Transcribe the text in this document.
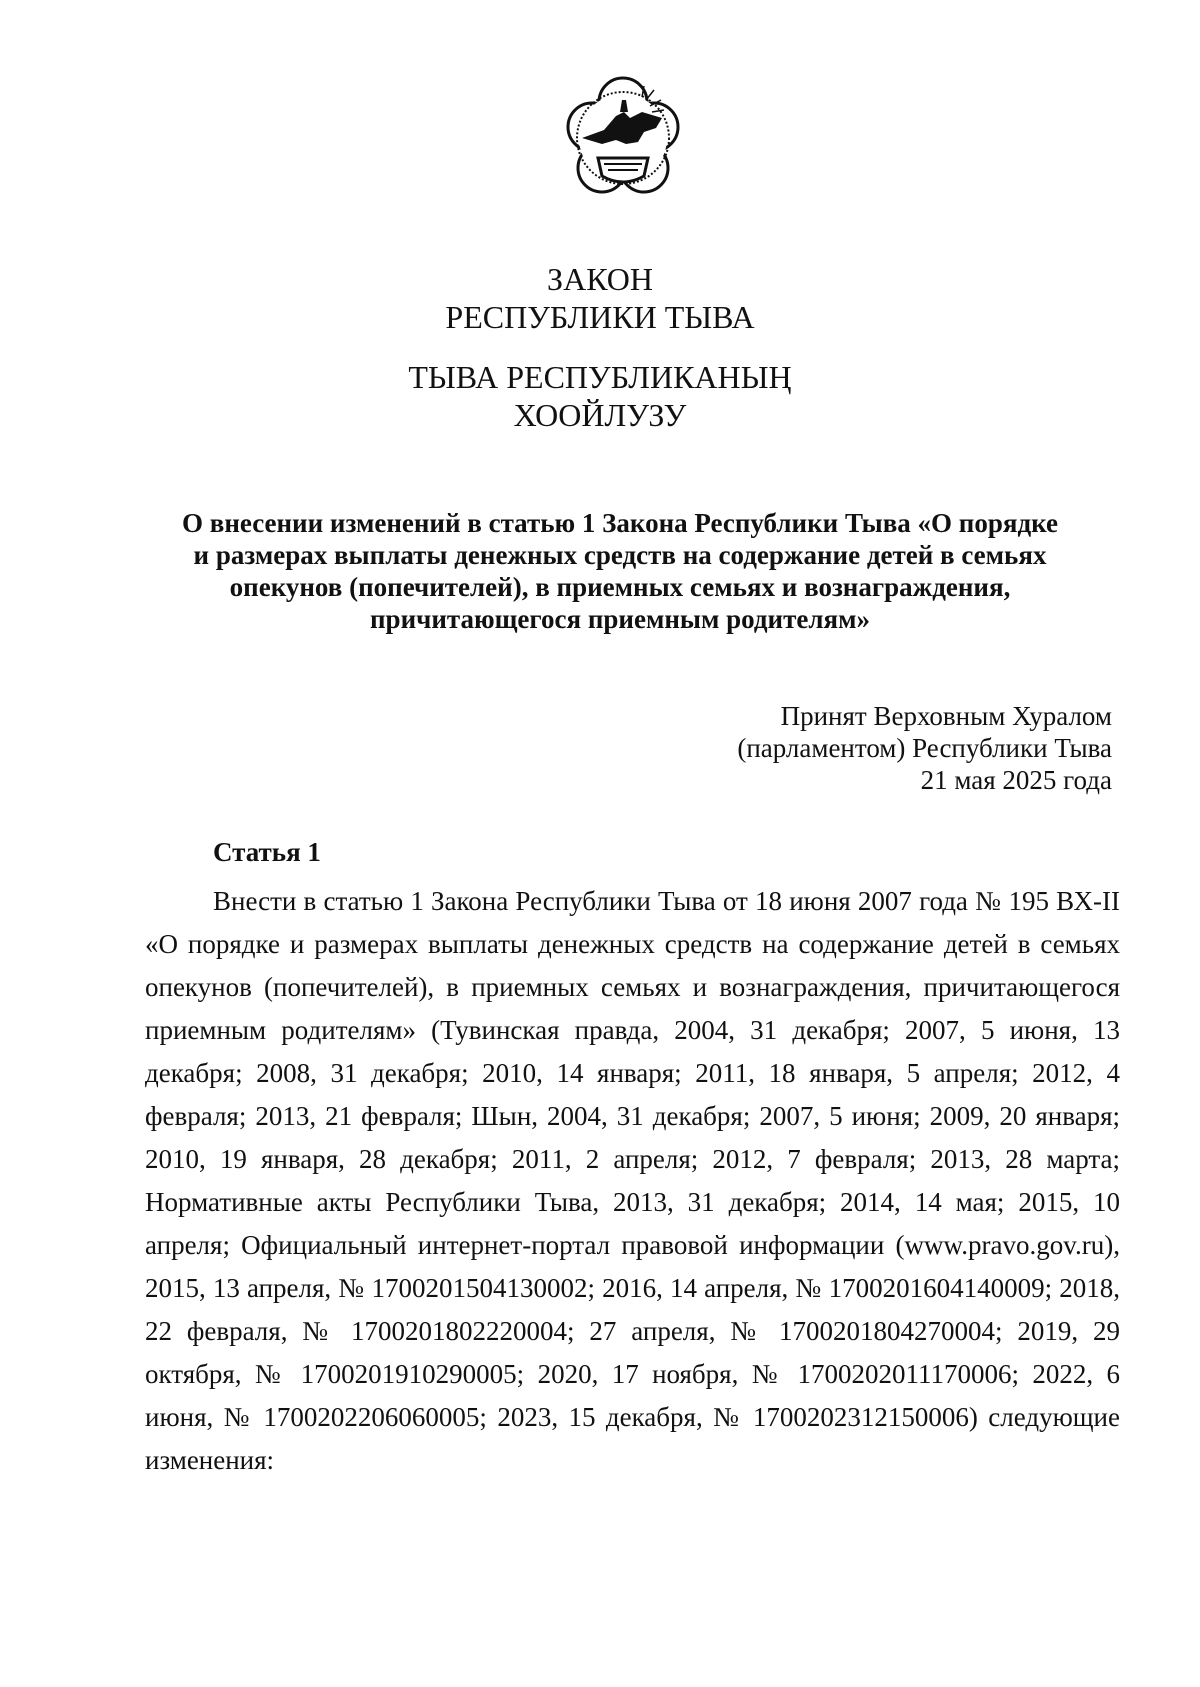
ЗАКОН
РЕСПУБЛИКИ ТЫВА
ТЫВА РЕСПУБЛИКАНЫҢ
ХООЙЛУЗУ
О внесении изменений в статью 1 Закона Республики Тыва «О порядке
и размерах выплаты денежных средств на содержание детей в семьях
опекунов (попечителей), в приемных семьях и вознаграждения,
причитающегося приемным родителям»
Принят Верховным Хуралом
(парламентом) Республики Тыва
21 мая 2025 года
Статья 1

Внести в статью 1 Закона Республики Тыва от 18 июня 2007 года № 195 ВХ-II «О порядке и размерах выплаты денежных средств на содержание детей в семьях опекунов (попечителей), в приемных семьях и вознаграждения, причитающегося приемным родителям» (Тувинская правда, 2004, 31 декабря; 2007, 5 июня, 13 декабря; 2008, 31 декабря; 2010, 14 января; 2011, 18 января, 5 апреля; 2012, 4 февраля; 2013, 21 февраля; Шын, 2004, 31 декабря; 2007, 5 июня; 2009, 20 января; 2010, 19 января, 28 декабря; 2011, 2 апреля; 2012, 7 февраля; 2013, 28 марта; Нормативные акты Республики Тыва, 2013, 31 декабря; 2014, 14 мая; 2015, 10 апреля; Официальный интернет-портал правовой информации (www.pravo.gov.ru), 2015, 13 апреля, № 1700201504130002; 2016, 14 апреля, № 1700201604140009; 2018, 22 февраля, № 1700201802220004; 27 апреля, № 1700201804270004; 2019, 29 октября, № 1700201910290005; 2020, 17 ноября, № 1700202011170006; 2022, 6 июня, № 1700202206060005; 2023, 15 декабря, № 1700202312150006) следующие изменения:
